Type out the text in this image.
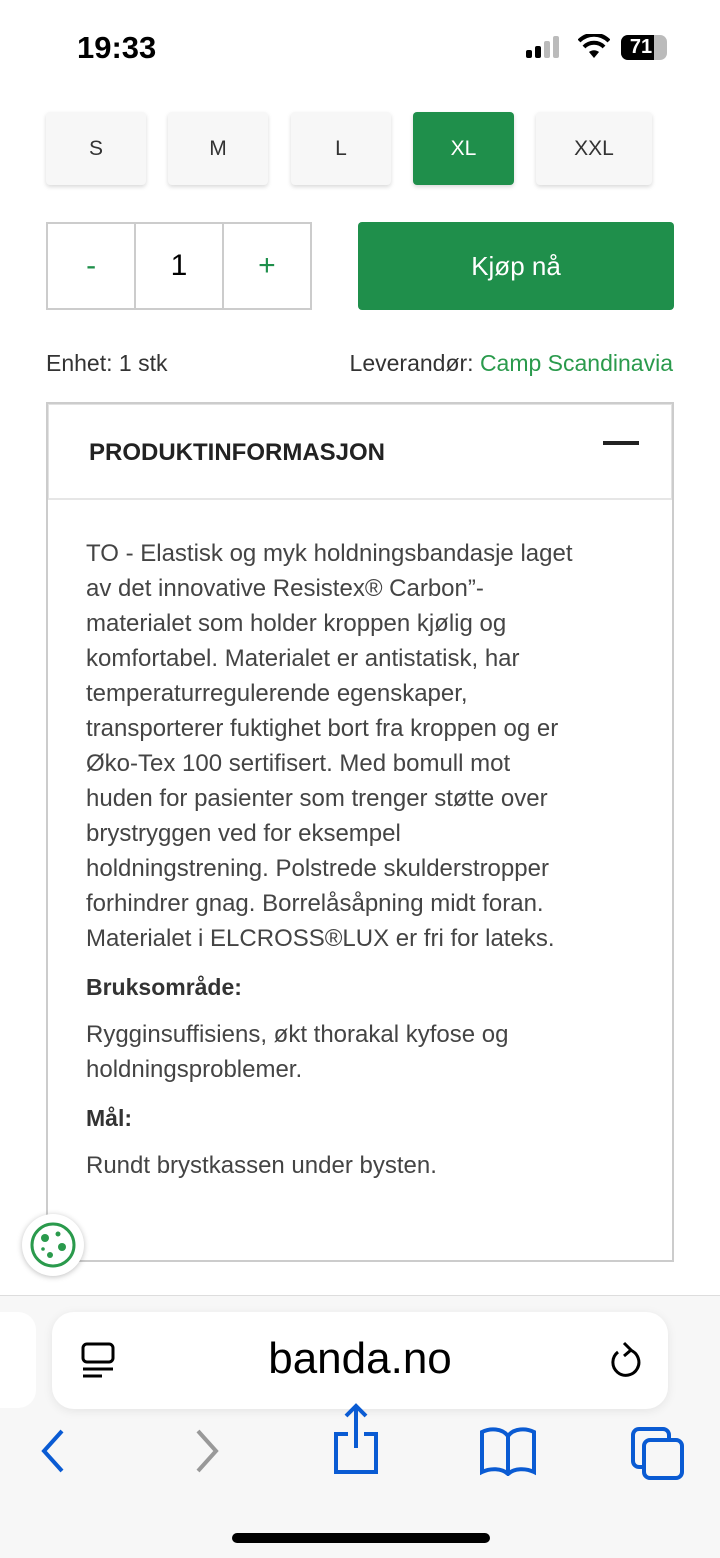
19:33	71
S	M	L	XL	XXL
-	1	+	Kjøp nå
Enhet: 1 stk	Leverandør: Camp Scandinavia
PRODUKTINFORMASJON

TO - Elastisk og myk holdningsbandasje laget
av det innovative Resistex® Carbon”-
materialet som holder kroppen kjølig og
komfortabel. Materialet er antistatisk, har
temperaturregulerende egenskaper,
transporterer fuktighet bort fra kroppen og er
Øko-Tex 100 sertifisert. Med bomull mot
huden for pasienter som trenger støtte over
brystryggen ved for eksempel
holdningstrening. Polstrede skulderstropper
forhindrer gnag. Borrelåsåpning midt foran.
Materialet i ELCROSS®LUX er fri for lateks.

Bruksområde:

Rygginsuffisiens, økt thorakal kyfose og
holdningsproblemer.

Mål:

Rundt brystkassen under bysten.

banda.no
